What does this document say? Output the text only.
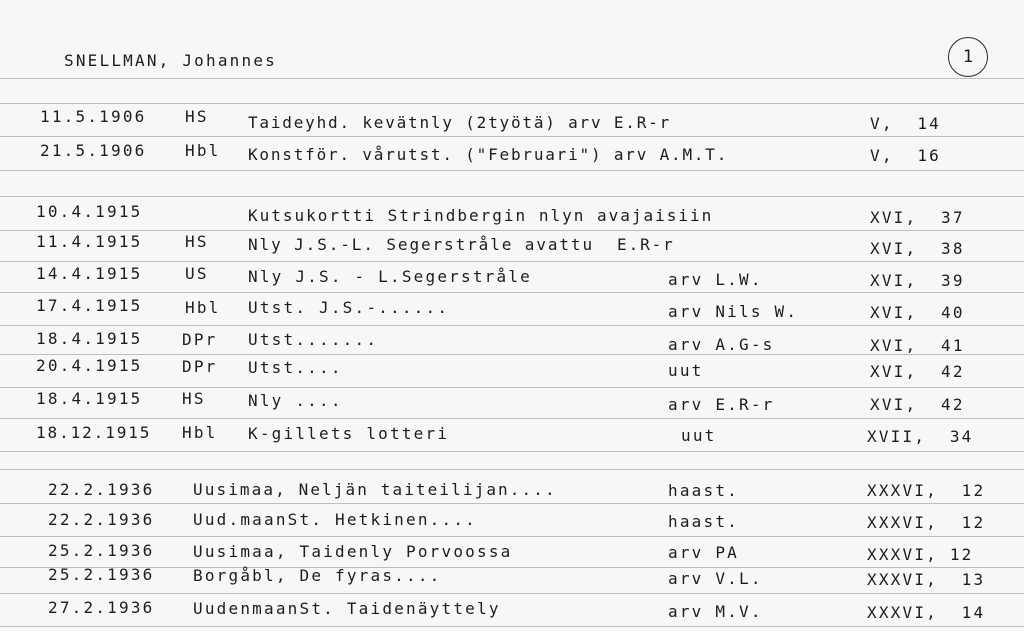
SNELLMAN, Johannes	1
11.5.1906 HS Taideyhd. kevätnly (2työtä) arv E.R-r	V,  14
21.5.1906 Hbl Konstför. vårutst. ("Februari") arv A.M.T.	V,  16
10.4.1915	Kutsukortti Strindbergin nlyn avajaisiin	XVI,  37
11.4.1915	HS Nly J.S.-L. Segerstråle avattu  E.R-r	XVI,  38
14.4.1915	US Nly J.S. - L.Segerstråle	arv L.W.	XVI,  39
17.4.1915	Hbl Utst. J.S.-......	arv Nils W.	XVI,  40
18.4.1915 DPr Utst.......	arv A.G-s	XVI,  41
20.4.1915 DPr Utst....	uut	XVI,  42
18.4.1915 HS	Nly ....	arv E.R-r	XVI,  42
18.12.1915 Hbl K-gillets lotteri	uut	XVII,  34
22.2.1936 Uusimaa, Neljän taiteilijan....	haast.	XXXVI,  12
22.2.1936 Uud.maanSt. Hetkinen....	haast.	XXXVI,  12
25.2.1936 Uusimaa, Taidenly Porvoossa	arv PA	XXXVI, 12
25.2.1936 Borgåbl, De fyras....	arv V.L.	XXXVI,  13
27.2.1936 UudenmaanSt. Taidenäyttely	arv M.V.	XXXVI,  14
